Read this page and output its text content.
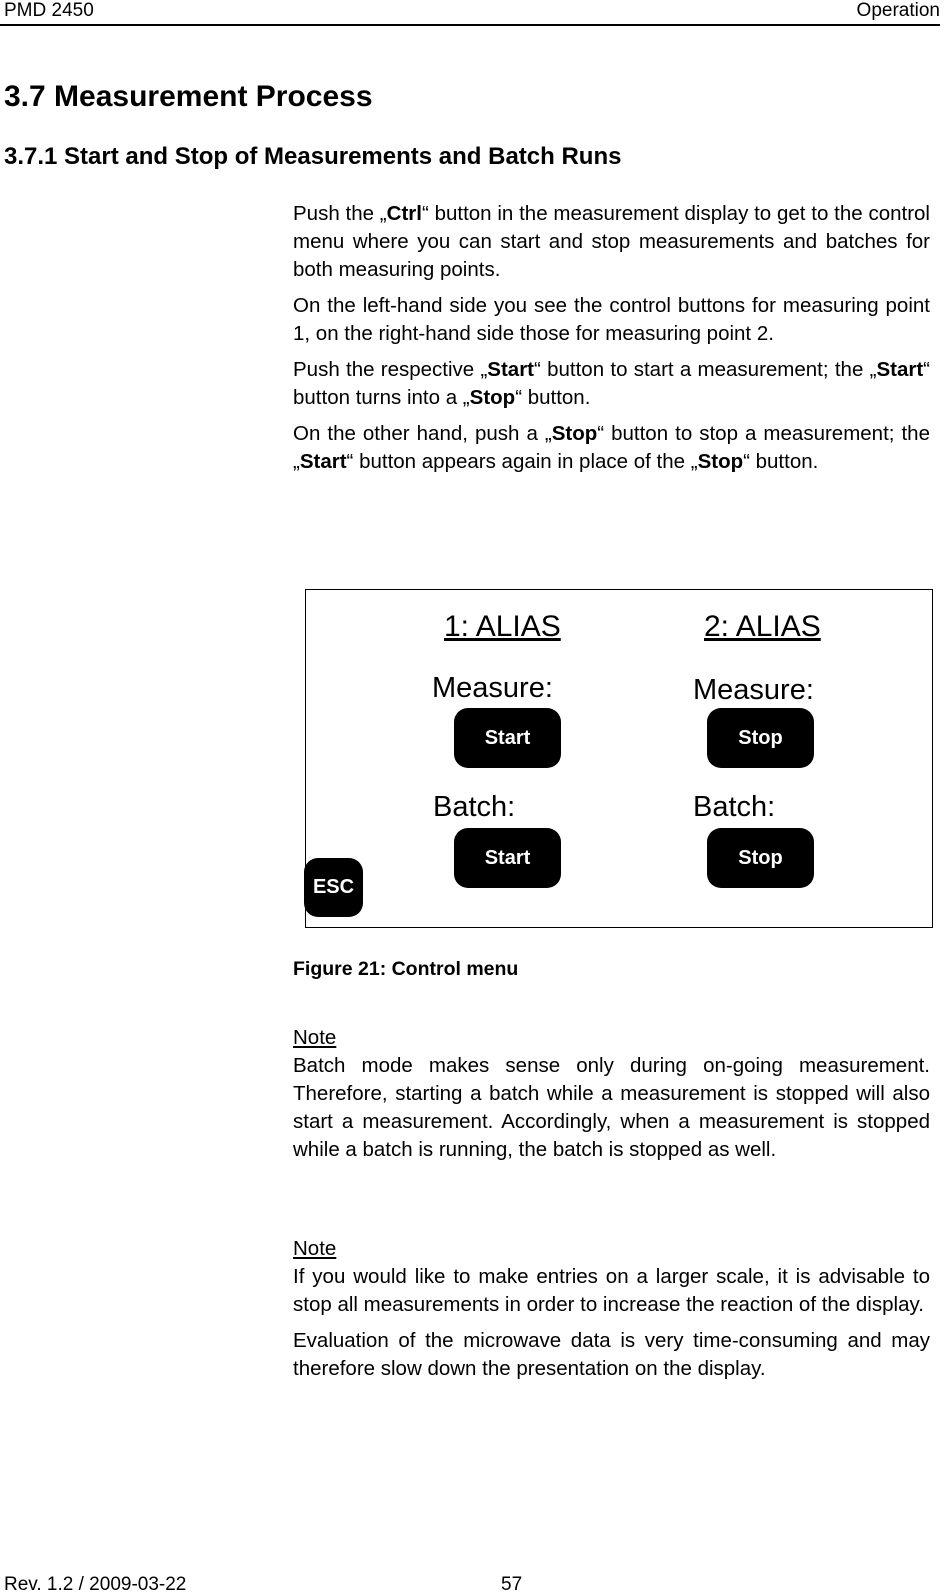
PMD 2450	Operation
3.7 Measurement Process
3.7.1 Start and Stop of Measurements and Batch Runs

Push the „Ctrl“ button in the measurement display to get to the control menu where you can start and stop measurements and batches for both measuring points.

On the left-hand side you see the control buttons for measuring point 1, on the right-hand side those for measuring point 2.

Push the respective „Start“ button to start a measurement; the „Start“ button turns into a „Stop“ button.

On the other hand, push a „Stop“ button to stop a measurement; the „Start“ button appears again in place of the „Stop“ button.

1: ALIAS	2: ALIAS
Measure:	Measure:
Start	Stop
Batch:	Batch:
Start	Stop
ESC
Figure 21: Control menu
Note

Batch mode makes sense only during on-going measurement. Therefore, starting a batch while a measurement is stopped will also start a measurement. Accordingly, when a measurement is stopped while a batch is running, the batch is stopped as well.

Note

If you would like to make entries on a larger scale, it is advisable to stop all measurements in order to increase the reaction of the display.

Evaluation of the microwave data is very time-consuming and may therefore slow down the presentation on the display.

Rev. 1.2 / 2009-03-22	57
